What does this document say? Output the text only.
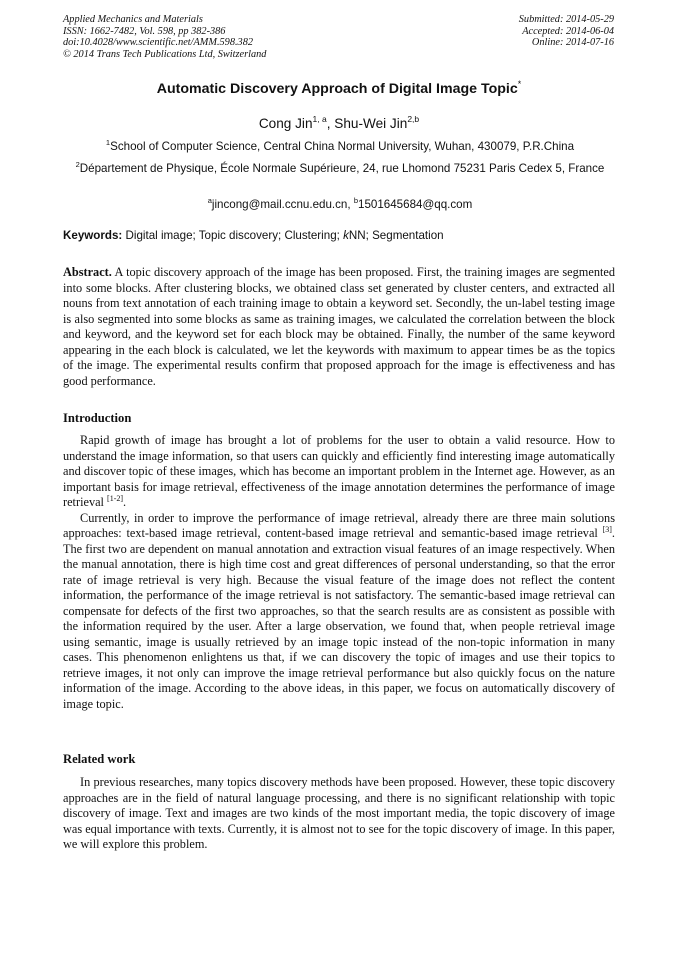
Applied Mechanics and Materials
ISSN: 1662-7482, Vol. 598, pp 382-386
doi:10.4028/www.scientific.net/AMM.598.382
© 2014 Trans Tech Publications Ltd, Switzerland
Submitted: 2014-05-29
Accepted: 2014-06-04
Online: 2014-07-16
Automatic Discovery Approach of Digital Image Topic*
Cong Jin$^{1, a}$, Shu-Wei Jin$^{2,b}$
$^1$School of Computer Science, Central China Normal University, Wuhan, 430079, P.R.China
$^2$Département de Physique, École Normale Supérieure, 24, rue Lhomond 75231 Paris Cedex 5, France
$^a$jincong@mail.ccnu.edu.cn, $^b$1501645684@qq.com
Keywords: Digital image; Topic discovery; Clustering; kNN; Segmentation
Abstract. A topic discovery approach of the image has been proposed. First, the training images are segmented into some blocks. After clustering blocks, we obtained class set generated by cluster centers, and extracted all nouns from text annotation of each training image to obtain a keyword set. Secondly, the un-label testing image is also segmented into some blocks as same as training images, we calculated the correlation between the block and keyword, and the keyword set for each block may be obtained. Finally, the number of the same keyword appearing in the each block is calculated, we let the keywords with maximum to appear times be as the topics of the image. The experimental results confirm that proposed approach for the image is effectiveness and has good performance.
Introduction

Rapid growth of image has brought a lot of problems for the user to obtain a valid resource. How to understand the image information, so that users can quickly and efficiently find interesting image automatically and discover topic of these images, which has become an important problem in the Internet age. However, as an important basis for image retrieval, effectiveness of the image annotation determines the performance of image retrieval [1-2].

Currently, in order to improve the performance of image retrieval, already there are three main solutions approaches: text-based image retrieval, content-based image retrieval and semantic-based image retrieval [3]. The first two are dependent on manual annotation and extraction visual features of an image respectively. When the manual annotation, there is high time cost and great differences of personal understanding, so that the error rate of image retrieval is very high. Because the visual feature of the image does not reflect the content information, the performance of the image retrieval is not satisfactory. The semantic-based image retrieval can compensate for defects of the first two approaches, so that the search results are as consistent as possible with the information required by the user. After a large observation, we found that, when people retrieval image using semantic, image is usually retrieved by an image topic instead of the non-topic information in many cases. This phenomenon enlightens us that, if we can discovery the topic of images and use their topics to retrieve images, it not only can improve the image retrieval performance but also quickly focus on the nature information of the image. According to the above ideas, in this paper, we focus on automatically discovery of image topic.

Related work

In previous researches, many topics discovery methods have been proposed. However, these topic discovery approaches are in the field of natural language processing, and there is no significant relationship with topic discovery of image. Text and images are two kinds of the most important media, the topic discovery of image was equal importance with texts. Currently, it is almost not to see for the topic discovery of image. In this paper, we will explore this problem.
